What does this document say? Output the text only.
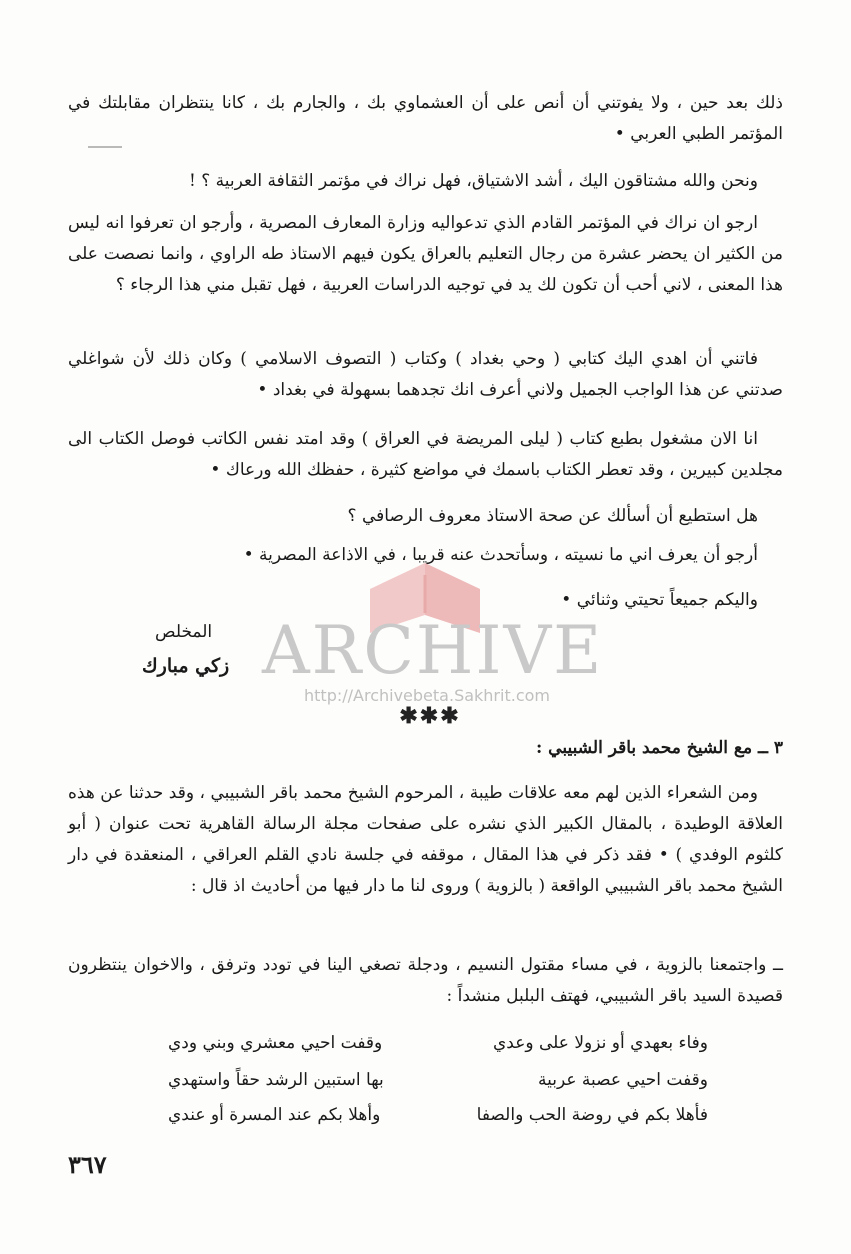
ARCHIVE
http://Archivebeta.Sakhrit.com
ذلك بعد حين ، ولا يفوتني أن أنص على أن العشماوي بك ، والجارم بك ، كانا ينتظران مقابلتك في المؤتمر الطبي العربي •
ونحن والله مشتاقون اليك ، أشد الاشتياق، فهل نراك في مؤتمر الثقافة العربية ؟ !
ارجو ان نراك في المؤتمر القادم الذي تدعواليه وزارة المعارف المصرية ، وأرجو ان تعرفوا انه ليس من الكثير ان يحضر عشرة من رجال التعليم بالعراق يكون فيهم الاستاذ طه الراوي ، وانما نصصت على هذا المعنى ، لاني أحب أن تكون لك يد في توجيه الدراسات العربية ، فهل تقبل مني هذا الرجاء ؟
فاتني أن اهدي اليك كتابي ( وحي بغداد ) وكتاب ( التصوف الاسلامي ) وكان ذلك لأن شواغلي صدتني عن هذا الواجب الجميل ولاني أعرف انك تجدهما بسهولة في بغداد •
انا الان مشغول بطبع كتاب ( ليلى المريضة في العراق ) وقد امتد نفس الكاتب فوصل الكتاب الى مجلدين كبيرين ، وقد تعطر الكتاب باسمك في مواضع كثيرة ، حفظك الله ورعاك •
هل استطيع أن أسألك عن صحة الاستاذ معروف الرصافي ؟
أرجو أن يعرف اني ما نسيته ، وسأتحدث عنه قريبا ، في الاذاعة المصرية •
واليكم جميعاً تحيتي وثنائي •
المخلص
زكي مبارك
✱✱✱
٣ ــ مع الشيخ محمد باقر الشبيبي :
ومن الشعراء الذين لهم معه علاقات طيبة ، المرحوم الشيخ محمد باقر الشبيبي ، وقد حدثنا عن هذه العلاقة الوطيدة ، بالمقال الكبير الذي نشره على صفحات مجلة الرسالة القاهرية تحت عنوان ( أبو كلثوم الوفدي ) • فقد ذكر في هذا المقال ، موقفه في جلسة نادي القلم العراقي ، المنعقدة في دار الشيخ محمد باقر الشبيبي الواقعة ( بالزوية ) وروى لنا ما دار فيها من أحاديث اذ قال :
ــ واجتمعنا بالزوية ، في مساء مقتول النسيم ، ودجلة تصغي الينا في تودد وترفق ، والاخوان ينتظرون قصيدة السيد باقر الشبيبي، فهتف البلبل منشداً :
وفاء بعهدي أو نزولا على وعدي
وقفت احيي معشري وبني ودي
وقفت احيي عصبة عربية
بها استبين الرشد حقاً واستهدي
فأهلا بكم في روضة الحب والصفا
وأهلا بكم عند المسرة أو عندي
٣٦٧
